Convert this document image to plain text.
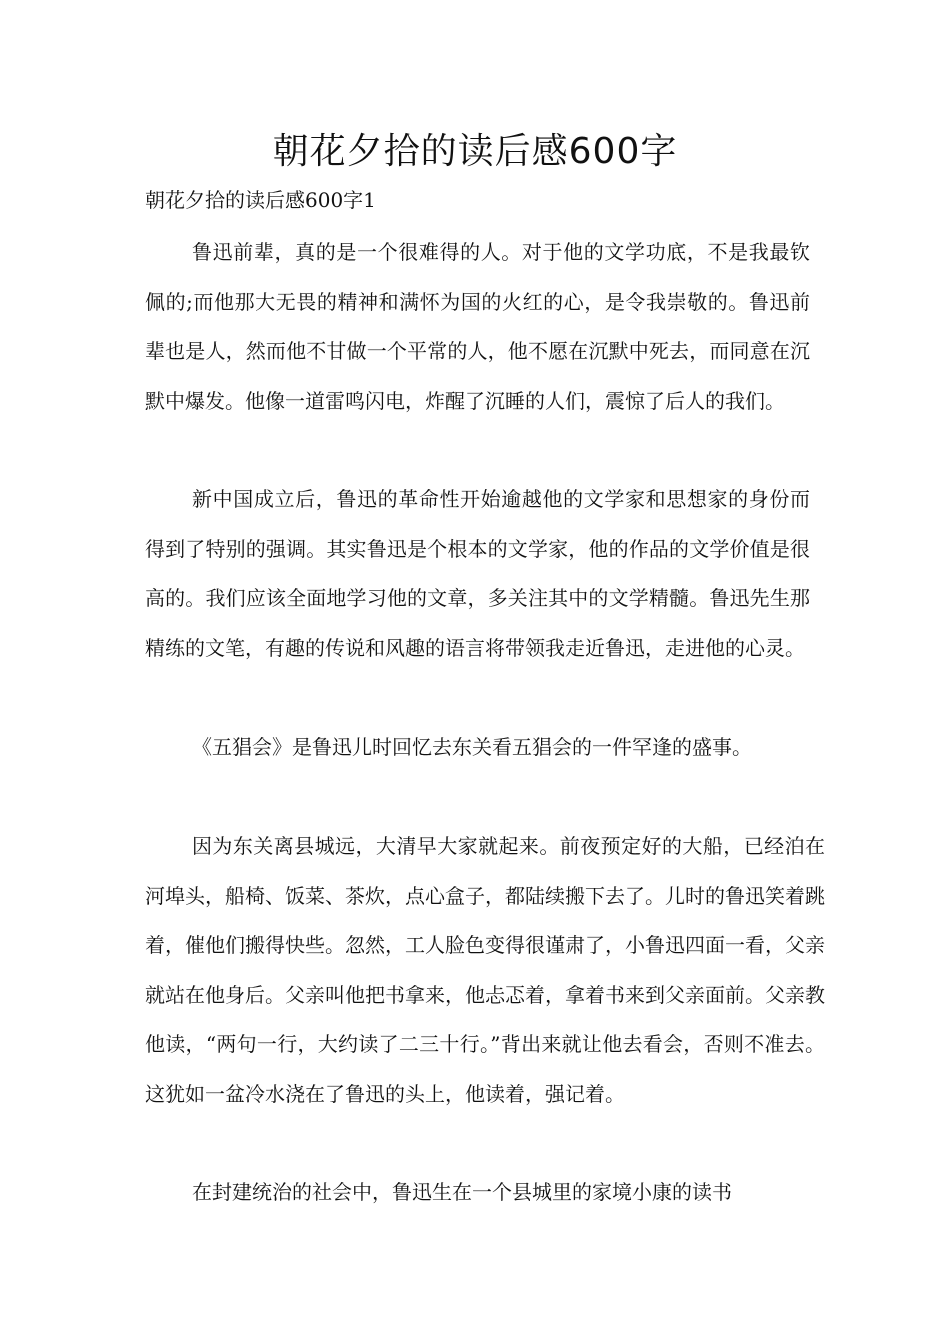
朝花夕拾的读后感600字
朝花夕拾的读后感600字1

鲁迅前辈，真的是一个很难得的人。对于他的文学功底，不是我最钦佩的;而他那大无畏的精神和满怀为国的火红的心，是令我崇敬的。鲁迅前辈也是人，然而他不甘做一个平常的人，他不愿在沉默中死去，而同意在沉默中爆发。他像一道雷鸣闪电，炸醒了沉睡的人们，震惊了后人的我们。

新中国成立后，鲁迅的革命性开始逾越他的文学家和思想家的身份而得到了特别的强调。其实鲁迅是个根本的文学家，他的作品的文学价值是很高的。我们应该全面地学习他的文章，多关注其中的文学精髓。鲁迅先生那精练的文笔，有趣的传说和风趣的语言将带领我走近鲁迅，走进他的心灵。

《五猖会》是鲁迅儿时回忆去东关看五猖会的一件罕逢的盛事。

因为东关离县城远，大清早大家就起来。前夜预定好的大船，已经泊在河埠头，船椅、饭菜、茶炊，点心盒子，都陆续搬下去了。儿时的鲁迅笑着跳着，催他们搬得快些。忽然，工人脸色变得很谨肃了，小鲁迅四面一看，父亲就站在他身后。父亲叫他把书拿来，他忐忑着，拿着书来到父亲面前。父亲教他读，“两句一行，大约读了二三十行。”背出来就让他去看会，否则不准去。这犹如一盆冷水浇在了鲁迅的头上，他读着，强记着。

在封建统治的社会中，鲁迅生在一个县城里的家境小康的读书
